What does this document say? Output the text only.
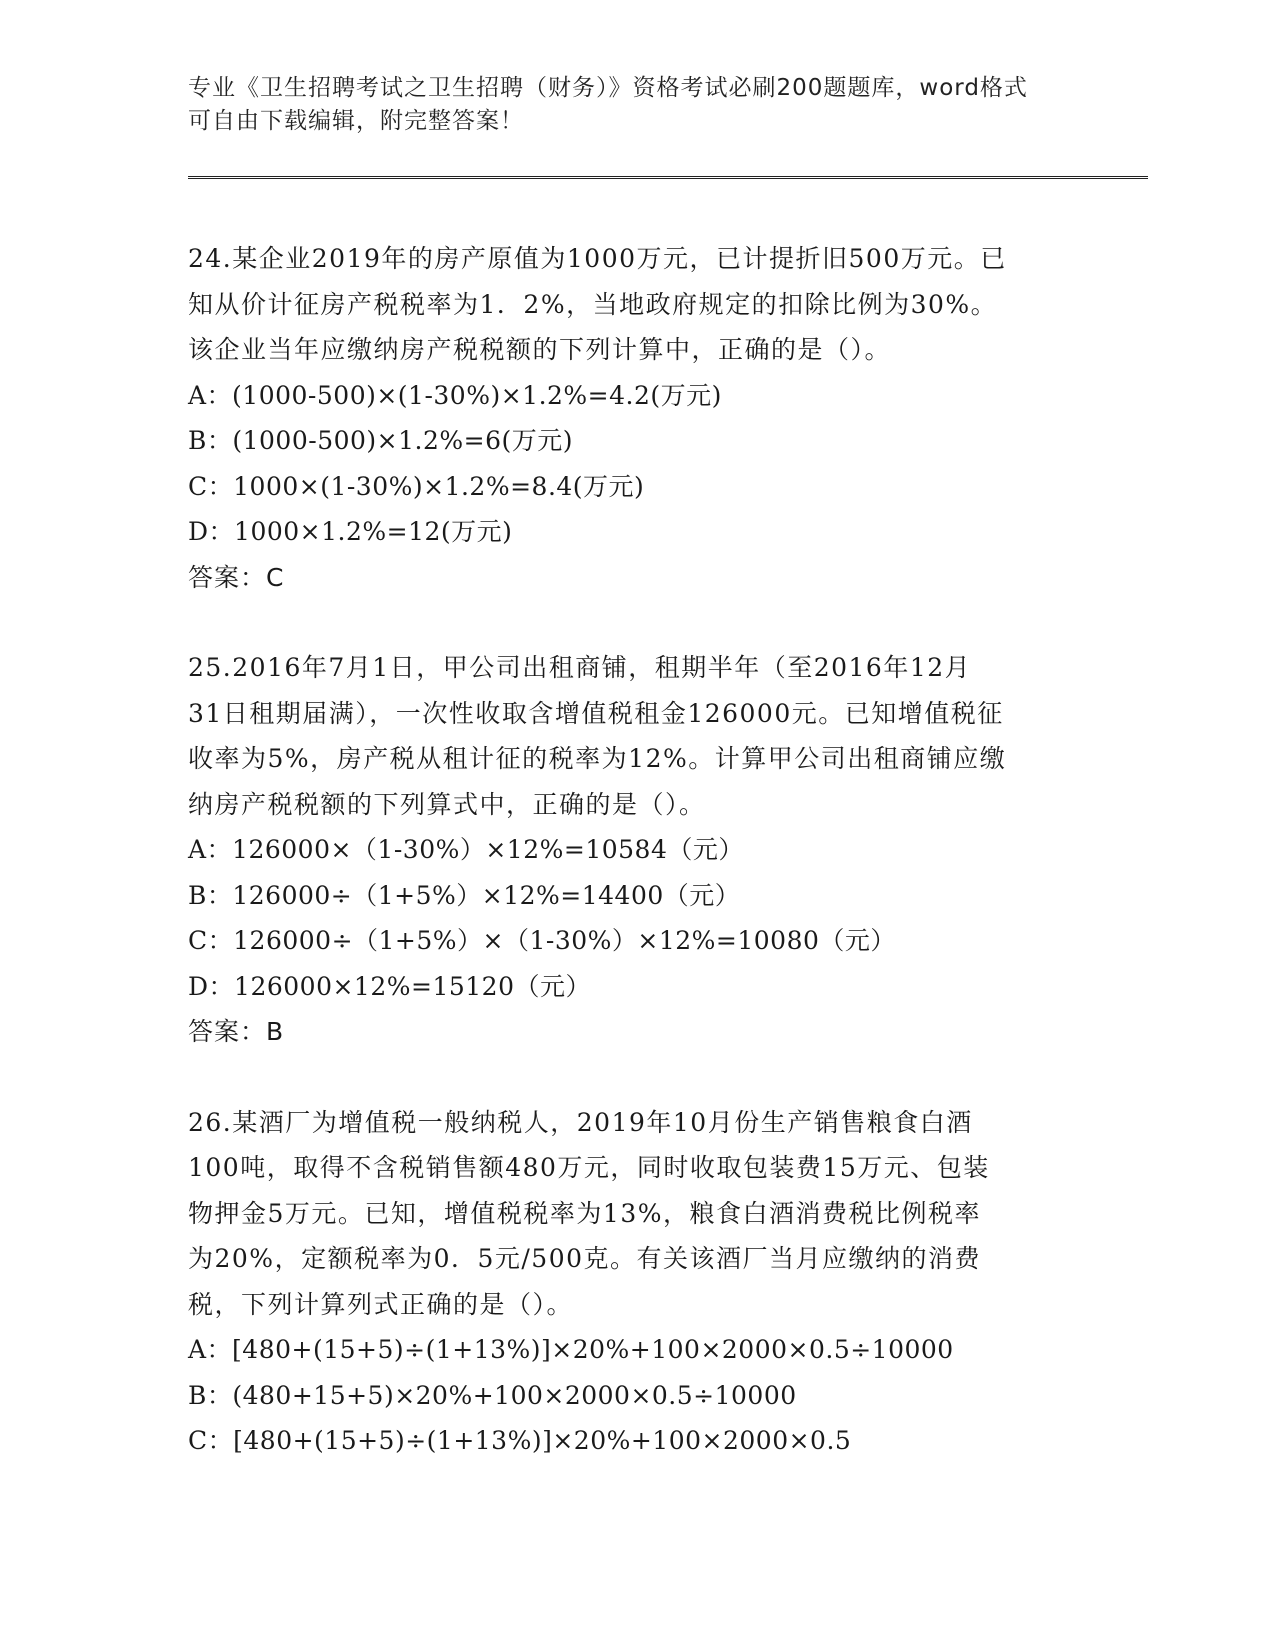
专业《卫生招聘考试之卫生招聘（财务）》资格考试必刷200题题库，word格式
可自由下载编辑，附完整答案！
24.某企业2019年的房产原值为1000万元，已计提折旧500万元。已
知从价计征房产税税率为1．2%，当地政府规定的扣除比例为30%。
该企业当年应缴纳房产税税额的下列计算中，正确的是（）。
A：(1000-500)×(1-30%)×1.2%=4.2(万元)
B：(1000-500)×1.2%=6(万元)
C：1000×(1-30%)×1.2%=8.4(万元)
D：1000×1.2%=12(万元)
答案：C
25.2016年7月1日，甲公司出租商铺，租期半年（至2016年12月
31日租期届满），一次性收取含增值税租金126000元。已知增值税征
收率为5%，房产税从租计征的税率为12%。计算甲公司出租商铺应缴
纳房产税税额的下列算式中，正确的是（）。
A：126000×（1-30%）×12%=10584（元）
B：126000÷（1+5%）×12%=14400（元）
C：126000÷（1+5%）×（1-30%）×12%=10080（元）
D：126000×12%=15120（元）
答案：B
26.某酒厂为增值税一般纳税人，2019年10月份生产销售粮食白酒
100吨，取得不含税销售额480万元，同时收取包装费15万元、包装
物押金5万元。已知，增值税税率为13%，粮食白酒消费税比例税率
为20%，定额税率为0．5元/500克。有关该酒厂当月应缴纳的消费
税，下列计算列式正确的是（）。
A：[480+(15+5)÷(1+13%)]×20%+100×2000×0.5÷10000
B：(480+15+5)×20%+100×2000×0.5÷10000
C：[480+(15+5)÷(1+13%)]×20%+100×2000×0.5
